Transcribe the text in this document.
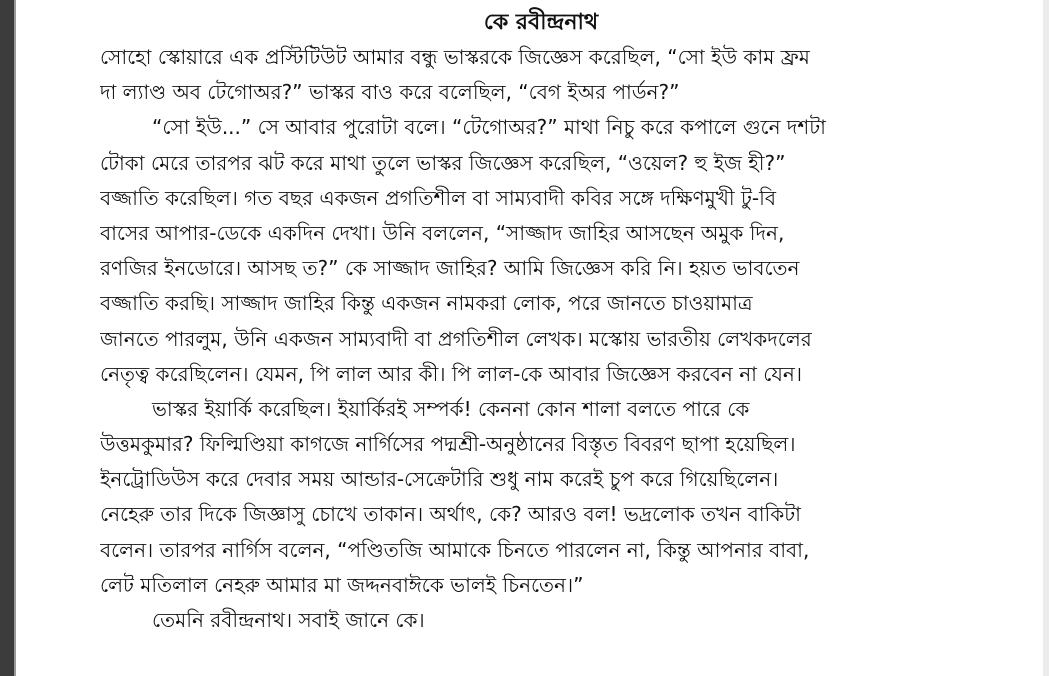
কে রবীন্দ্রনাথ
সোহো স্কোয়ারে এক প্রস্টিটিউট আমার বন্ধু ভাস্করকে জিজ্ঞেস করেছিল, “সো ইউ কাম ফ্রম
দা ল্যাণ্ড অব টেগোঅর?” ভাস্কর বাও করে বলেছিল, “বেগ ইঅর পার্ডন?”
“সো ইউ...” সে আবার পুরোটা বলে। “টেগোঅর?” মাথা নিচু করে কপালে গুনে দশটা
টোকা মেরে তারপর ঝট করে মাথা তুলে ভাস্কর জিজ্ঞেস করেছিল, “ওয়েল? হু ইজ হী?”
বজ্জাতি করেছিল। গত বছর একজন প্রগতিশীল বা সাম্যবাদী কবির সঙ্গে দক্ষিণমুখী টু-বি
বাসের আপার-ডেকে একদিন দেখা। উনি বললেন, “সাজ্জাদ জাহির আসছেন অমুক দিন,
রণজির ইনডোরে। আসছ ত?” কে সাজ্জাদ জাহির? আমি জিজ্ঞেস করি নি। হয়ত ভাবতেন
বজ্জাতি করছি। সাজ্জাদ জাহির কিন্তু একজন নামকরা লোক, পরে জানতে চাওয়ামাত্র
জানতে পারলুম, উনি একজন সাম্যবাদী বা প্রগতিশীল লেখক। মস্কোয় ভারতীয় লেখকদলের
নেতৃত্ব করেছিলেন। যেমন, পি লাল আর কী। পি লাল-কে আবার জিজ্ঞেস করবেন না যেন।
ভাস্কর ইয়ার্কি করেছিল। ইয়ার্কিরই সম্পর্ক! কেননা কোন শালা বলতে পারে কে
উত্তমকুমার? ফিল্মিণ্ডিয়া কাগজে নার্গিসের পদ্মশ্রী-অনুষ্ঠানের বিস্তৃত বিবরণ ছাপা হয়েছিল।
ইনট্রোডিউস করে দেবার সময় আন্ডার-সেক্রেটারি শুধু নাম করেই চুপ করে গিয়েছিলেন।
নেহেরু তার দিকে জিজ্ঞাসু চোখে তাকান। অর্থাৎ, কে? আরও বল! ভদ্রলোক তখন বাকিটা
বলেন। তারপর নার্গিস বলেন, “পণ্ডিতজি আমাকে চিনতে পারলেন না, কিন্তু আপনার বাবা,
লেট মতিলাল নেহরু আমার মা জদ্দনবাঈকে ভালই চিনতেন।”
তেমনি রবীন্দ্রনাথ। সবাই জানে কে।
